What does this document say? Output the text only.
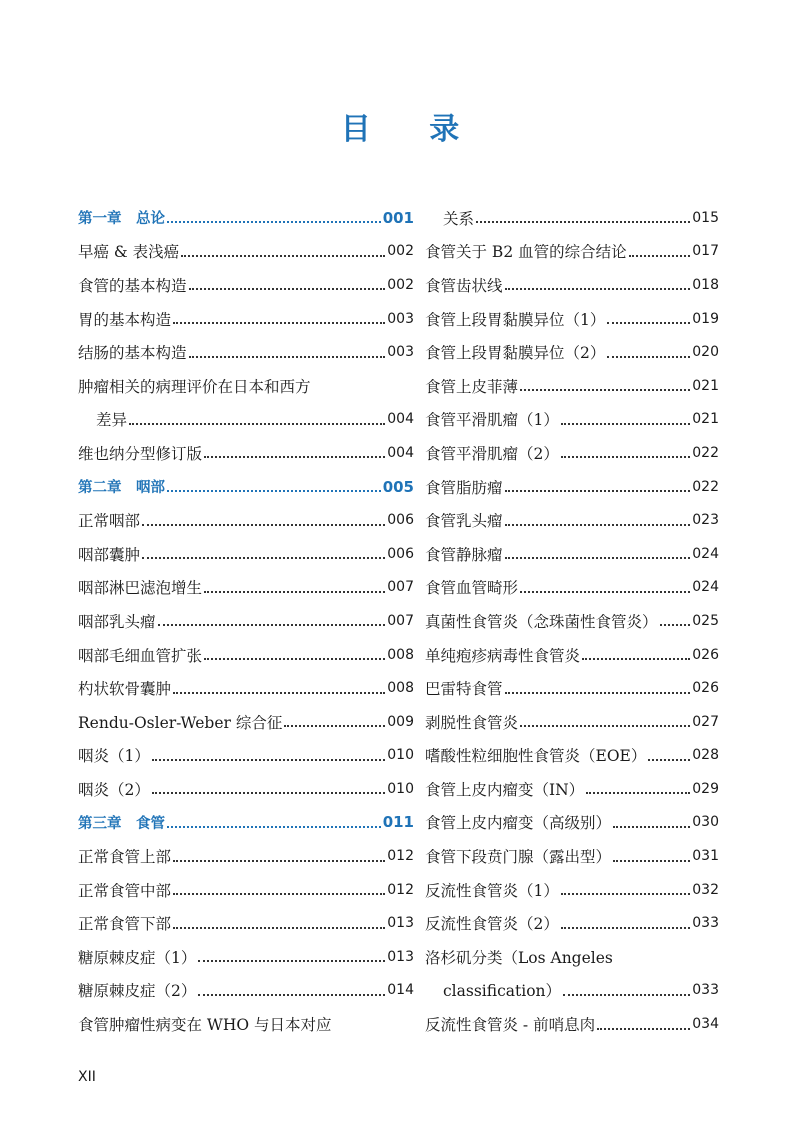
目 录
第一章　总论	001
早癌 & 表浅癌	002
食管的基本构造	002
胃的基本构造	003
结肠的基本构造	003
肿瘤相关的病理评价在日本和西方
差异	004
维也纳分型修订版	004
第二章　咽部	005
正常咽部	006
咽部囊肿	006
咽部淋巴滤泡增生	007
咽部乳头瘤	007
咽部毛细血管扩张	008
杓状软骨囊肿	008
Rendu-Osler-Weber 综合征	009
咽炎（1）	010
咽炎（2）	010
第三章　食管	011
正常食管上部	012
正常食管中部	012
正常食管下部	013
糖原棘皮症（1）	013
糖原棘皮症（2）	014
食管肿瘤性病变在 WHO 与日本对应
关系	015
食管关于 B2 血管的综合结论	017
食管齿状线	018
食管上段胃黏膜异位（1）	019
食管上段胃黏膜异位（2）	020
食管上皮菲薄	021
食管平滑肌瘤（1）	021
食管平滑肌瘤（2）	022
食管脂肪瘤	022
食管乳头瘤	023
食管静脉瘤	024
食管血管畸形	024
真菌性食管炎（念珠菌性食管炎） 025
单纯疱疹病毒性食管炎	026
巴雷特食管	026
剥脱性食管炎	027
嗜酸性粒细胞性食管炎（EOE）	028
食管上皮内瘤变（IN）	029
食管上皮内瘤变（高级别）	030
食管下段贲门腺（露出型）	031
反流性食管炎（1）	032
反流性食管炎（2）	033
洛杉矶分类（Los Angeles
classification）	033
反流性食管炎 - 前哨息肉	034
XII
